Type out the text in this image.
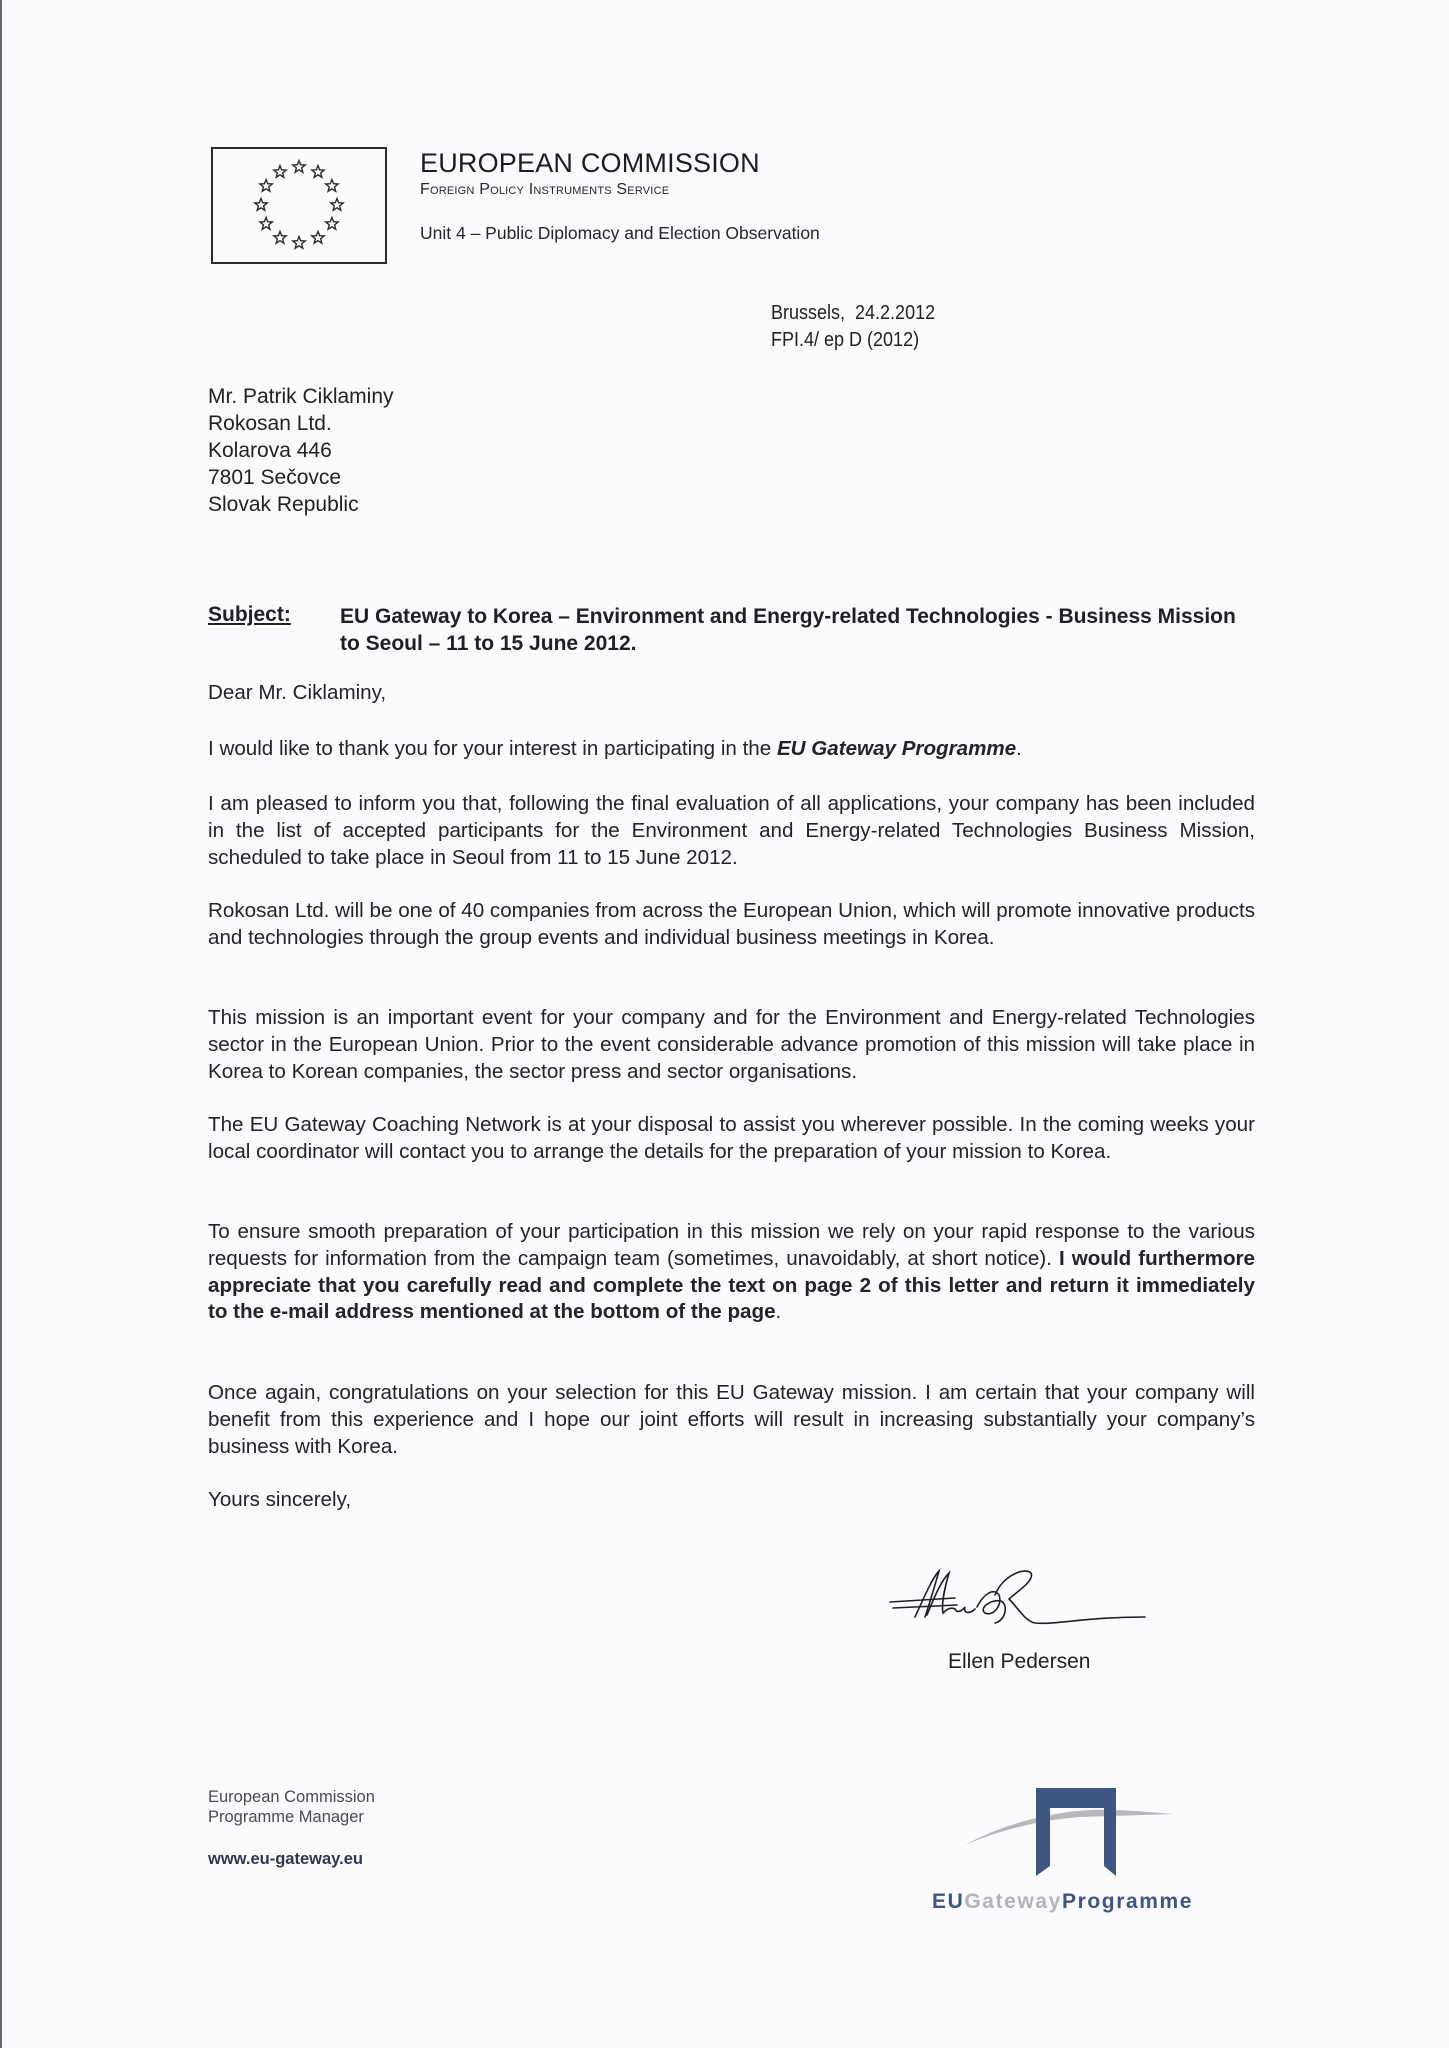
EUROPEAN COMMISSION
Foreign Policy Instruments Service
Unit 4 – Public Diplomacy and Election Observation
Brussels,  24.2.2012
FPI.4/ ep D (2012)
Mr. Patrik Ciklaminy
Rokosan Ltd.
Kolarova 446
7801 Sečovce
Slovak Republic
Subject: EU Gateway to Korea – Environment and Energy-related Technologies - Business Mission to Seoul – 11 to 15 June 2012.
Dear Mr. Ciklaminy,
I would like to thank you for your interest in participating in the EU Gateway Programme.
I am pleased to inform you that, following the final evaluation of all applications, your company has been included in the list of accepted participants for the Environment and Energy-related Technologies Business Mission, scheduled to take place in Seoul from 11 to 15 June 2012.
Rokosan Ltd. will be one of 40 companies from across the European Union, which will promote innovative products and technologies through the group events and individual business meetings in Korea.
This mission is an important event for your company and for the Environment and Energy-related Technologies sector in the European Union. Prior to the event considerable advance promotion of this mission will take place in Korea to Korean companies, the sector press and sector organisations.
The EU Gateway Coaching Network is at your disposal to assist you wherever possible. In the coming weeks your local coordinator will contact you to arrange the details for the preparation of your mission to Korea.
To ensure smooth preparation of your participation in this mission we rely on your rapid response to the various requests for information from the campaign team (sometimes, unavoidably, at short notice). I would furthermore appreciate that you carefully read and complete the text on page 2 of this letter and return it immediately to the e-mail address mentioned at the bottom of the page.
Once again, congratulations on your selection for this EU Gateway mission. I am certain that your company will benefit from this experience and I hope our joint efforts will result in increasing substantially your company’s business with Korea.
Yours sincerely,
Ellen Pedersen
European Commission
Programme Manager
www.eu-gateway.eu
EUGatewayProgramme
